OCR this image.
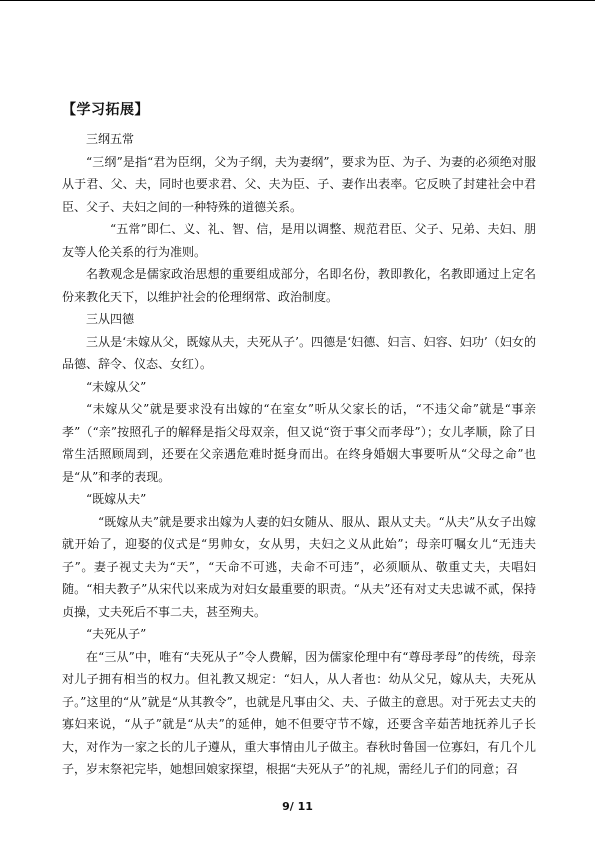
【学习拓展】

三纲五常

“三纲”是指“君为臣纲，父为子纲，夫为妻纲”，要求为臣、为子、为妻的必须绝对服从于君、父、夫，同时也要求君、父、夫为臣、子、妻作出表率。它反映了封建社会中君臣、父子、夫妇之间的一种特殊的道德关系。

“五常”即仁、义、礼、智、信，是用以调整、规范君臣、父子、兄弟、夫妇、朋友等人伦关系的行为准则。

名教观念是儒家政治思想的重要组成部分，名即名份，教即教化，名教即通过上定名份来教化天下，以维护社会的伦理纲常、政治制度。

三从四德

三从是‘未嫁从父，既嫁从夫，夫死从子’。四德是‘妇德、妇言、妇容、妇功’（妇女的品德、辞令、仪态、女红）。

“未嫁从父”

“未嫁从父”就是要求没有出嫁的“在室女”听从父家长的话，“不违父命”就是“事亲孝”（“亲”按照孔子的解释是指父母双亲，但又说“资于事父而孝母”）；女儿孝顺，除了日常生活照顾周到，还要在父亲遇危难时挺身而出。在终身婚姻大事要听从“父母之命”也是“从”和孝的表现。

“既嫁从夫”

“既嫁从夫”就是要求出嫁为人妻的妇女随从、服从、跟从丈夫。“从夫”从女子出嫁就开始了，迎娶的仪式是“男帅女，女从男，夫妇之义从此始”；母亲叮嘱女儿“无违夫子”。妻子视丈夫为“天”，“天命不可逃，夫命不可违”，必须顺从、敬重丈夫，夫唱妇随。“相夫教子”从宋代以来成为对妇女最重要的职责。“从夫”还有对丈夫忠诚不贰，保持贞操，丈夫死后不事二夫，甚至殉夫。

“夫死从子”

在“三从”中，唯有“夫死从子”令人费解，因为儒家伦理中有“尊母孝母”的传统，母亲对儿子拥有相当的权力。但礼教又规定：“妇人，从人者也：幼从父兄，嫁从夫，夫死从子。”这里的“从”就是“从其教令”，也就是凡事由父、夫、子做主的意思。对于死去丈夫的寡妇来说，“从子”就是“从夫”的延伸，她不但要守节不嫁，还要含辛茹苦地抚养儿子长大，对作为一家之长的儿子遵从，重大事情由儿子做主。春秋时鲁国一位寡妇，有几个儿子，岁末祭祀完毕，她想回娘家探望，根据“夫死从子”的礼规，需经儿子们的同意；召

9/ 11
